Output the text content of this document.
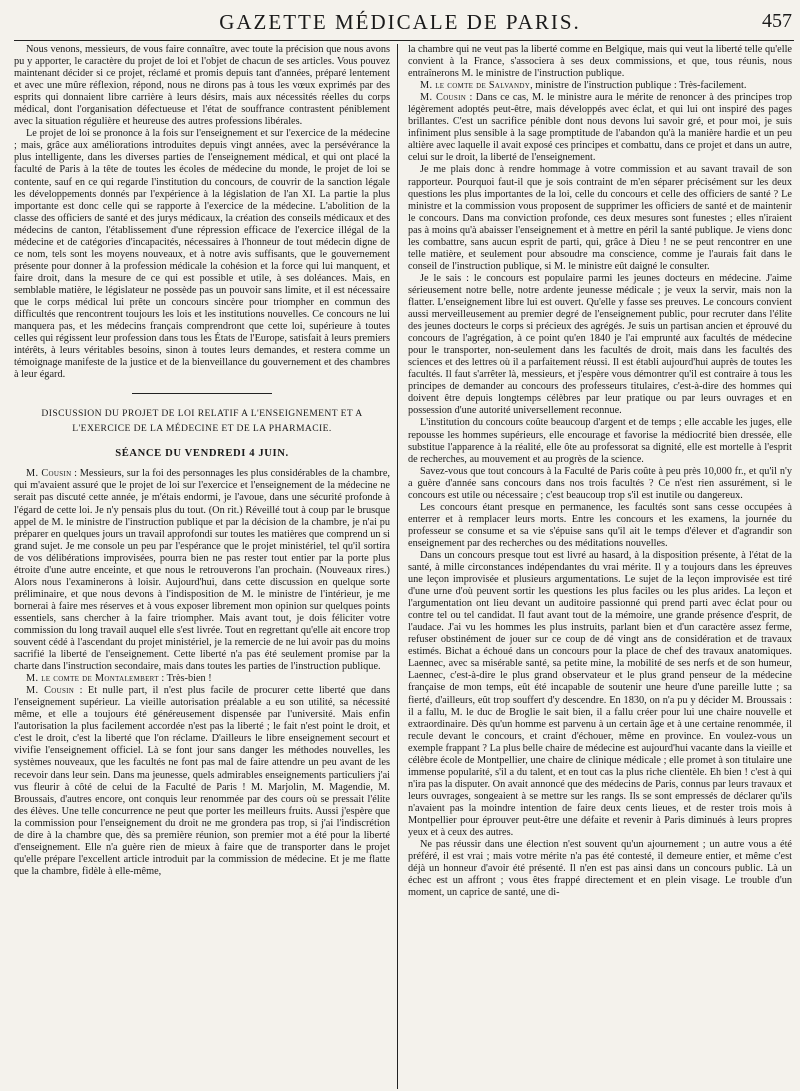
GAZETTE MÉDICALE DE PARIS.	457

Nous venons, messieurs, de vous faire connaître, avec toute la précision que nous avons pu y apporter, le caractère du projet de loi et l'objet de chacun de ses articles. Vous pouvez maintenant décider si ce projet, réclamé et promis depuis tant d'années, préparé lentement et avec une mûre réflexion, répond, nous ne dirons pas à tous les vœux exprimés par des esprits qui donnaient libre carrière à leurs désirs, mais aux nécessités réelles du corps médical, dont l'organisation défectueuse et l'état de souffrance contrastent péniblement avec la situation régulière et heureuse des autres professions libérales.

Le projet de loi se prononce à la fois sur l'enseignement et sur l'exercice de la médecine ; mais, grâce aux améliorations introduites depuis vingt années, avec la persévérance la plus intelligente, dans les diverses parties de l'enseignement médical, et qui ont placé la faculté de Paris à la tête de toutes les écoles de médecine du monde, le projet de loi se contente, sauf en ce qui regarde l'institution du concours, de couvrir de la sanction légale les développements donnés par l'expérience à la législation de l'an XI. La partie la plus importante est donc celle qui se rapporte à l'exercice de la médecine. L'abolition de la classe des officiers de santé et des jurys médicaux, la création des conseils médicaux et des médecins de canton, l'établissement d'une répression efficace de l'exercice illégal de la médecine et de catégories d'incapacités, nécessaires à l'honneur de tout médecin digne de ce nom, tels sont les moyens nouveaux, et à notre avis suffisants, que le gouvernement présente pour donner à la profession médicale la cohésion et la force qui lui manquent, et faire droit, dans la mesure de ce qui est possible et utile, à ses doléances. Mais, en semblable matière, le législateur ne possède pas un pouvoir sans limite, et il est nécessaire que le corps médical lui prête un concours sincère pour triompher en commun des difficultés que rencontrent toujours les lois et les institutions nouvelles. Ce concours ne lui manquera pas, et les médecins français comprendront que cette loi, supérieure à toutes celles qui régissent leur profession dans tous les États de l'Europe, satisfait à leurs premiers intérêts, à leurs véritables besoins, sinon à toutes leurs demandes, et restera comme un témoignage manifeste de la justice et de la bienveillance du gouvernement et des chambres à leur égard.

DISCUSSION DU PROJET DE LOI RELATIF A L'ENSEIGNEMENT ET A L'EXERCICE DE LA MÉDECINE ET DE LA PHARMACIE.
SÉANCE DU VENDREDI 4 JUIN.

M. Cousin : Messieurs, sur la foi des personnages les plus considérables de la chambre, qui m'avaient assuré que le projet de loi sur l'exercice et l'enseignement de la médecine ne serait pas discuté cette année, je m'étais endormi, je l'avoue, dans une sécurité profonde à l'égard de cette loi. Je n'y pensais plus du tout. (On rit.) Réveillé tout à coup par le brusque appel de M. le ministre de l'instruction publique et par la décision de la chambre, je n'ai pu préparer en quelques jours un travail approfondi sur toutes les matières que comprend un si grand sujet. Je me console un peu par l'espérance que le projet ministériel, tel qu'il sortira de vos délibérations improvisées, pourra bien ne pas rester tout entier par la porte plus étroite d'une autre enceinte, et que nous le retrouverons l'an prochain. (Nouveaux rires.) Alors nous l'examinerons à loisir. Aujourd'hui, dans cette discussion en quelque sorte préliminaire, et que nous devons à l'indisposition de M. le ministre de l'intérieur, je me bornerai à faire mes réserves et à vous exposer librement mon opinion sur quelques points essentiels, sans chercher à la faire triompher. Mais avant tout, je dois féliciter votre commission du long travail auquel elle s'est livrée. Tout en regrettant qu'elle ait encore trop souvent cédé à l'ascendant du projet ministériel, je la remercie de ne lui avoir pas du moins sacrifié la liberté de l'enseignement. Cette liberté n'a pas été seulement promise par la charte dans l'instruction secondaire, mais dans toutes les parties de l'instruction publique.

M. le comte de Montalembert : Très-bien !

M. Cousin : Et nulle part, il n'est plus facile de procurer cette liberté que dans l'enseignement supérieur. La vieille autorisation préalable a eu son utilité, sa nécessité même, et elle a toujours été généreusement dispensée par l'université. Mais enfin l'autorisation la plus facilement accordée n'est pas la liberté ; le fait n'est point le droit, et c'est le droit, c'est la liberté que l'on réclame. D'ailleurs le libre enseignement secourt et vivifie l'enseignement officiel. Là se font jour sans danger les méthodes nouvelles, les systèmes nouveaux, que les facultés ne font pas mal de faire attendre un peu avant de les recevoir dans leur sein. Dans ma jeunesse, quels admirables enseignements particuliers j'ai vus fleurir à côté de celui de la Faculté de Paris ! M. Marjolin, M. Magendie, M. Broussais, d'autres encore, ont conquis leur renommée par des cours où se pressait l'élite des élèves. Une telle concurrence ne peut que porter les meilleurs fruits. Aussi j'espère que la commission pour l'enseignement du droit ne me grondera pas trop, si j'ai l'indiscrétion de dire à la chambre que, dès sa première réunion, son premier mot a été pour la liberté d'enseignement. Elle n'a guère rien de mieux à faire que de transporter dans le projet qu'elle prépare l'excellent article introduit par la commission de médecine. Et je me flatte que la chambre, fidèle à elle-même,

la chambre qui ne veut pas la liberté comme en Belgique, mais qui veut la liberté telle qu'elle convient à la France, s'associera à ses deux commissions, et que, tous réunis, nous entraînerons M. le ministre de l'instruction publique.

M. le comte de Salvandy, ministre de l'instruction publique : Très-facilement.

M. Cousin : Dans ce cas, M. le ministre aura le mérite de renoncer à des principes trop légèrement adoptés peut-être, mais développés avec éclat, et qui lui ont inspiré des pages brillantes. C'est un sacrifice pénible dont nous devons lui savoir gré, et pour moi, je suis infiniment plus sensible à la sage promptitude de l'abandon qu'à la manière hardie et un peu altière avec laquelle il avait exposé ces principes et combattu, dans ce projet et dans un autre, celui sur le droit, la liberté de l'enseignement.

Je me plais donc à rendre hommage à votre commission et au savant travail de son rapporteur. Pourquoi faut-il que je sois contraint de m'en séparer précisément sur les deux questions les plus importantes de la loi, celle du concours et celle des officiers de santé ? Le ministre et la commission vous proposent de supprimer les officiers de santé et de maintenir le concours. Dans ma conviction profonde, ces deux mesures sont funestes ; elles n'iraient pas à moins qu'à abaisser l'enseignement et à mettre en péril la santé publique. Je viens donc les combattre, sans aucun esprit de parti, qui, grâce à Dieu ! ne se peut rencontrer en une telle matière, et seulement pour absoudre ma conscience, comme je l'aurais fait dans le conseil de l'instruction publique, si M. le ministre eût daigné le consulter.

Je le sais : le concours est populaire parmi les jeunes docteurs en médecine. J'aime sérieusement notre belle, notre ardente jeunesse médicale ; je veux la servir, mais non la flatter. L'enseignement libre lui est ouvert. Qu'elle y fasse ses preuves. Le concours convient aussi merveilleusement au premier degré de l'enseignement public, pour recruter dans l'élite des jeunes docteurs le corps si précieux des agrégés. Je suis un partisan ancien et éprouvé du concours de l'agrégation, à ce point qu'en 1840 je l'ai emprunté aux facultés de médecine pour le transporter, non-seulement dans les facultés de droit, mais dans les facultés des sciences et des lettres où il a parfaitement réussi. Il est établi aujourd'hui auprès de toutes les facultés. Il faut s'arrêter là, messieurs, et j'espère vous démontrer qu'il est contraire à tous les principes de demander au concours des professeurs titulaires, c'est-à-dire des hommes qui doivent être depuis longtemps célèbres par leur pratique ou par leurs ouvrages et en possession d'une autorité universellement reconnue.

L'institution du concours coûte beaucoup d'argent et de temps ; elle accable les juges, elle repousse les hommes supérieurs, elle encourage et favorise la médiocrité bien dressée, elle substitue l'apparence à la réalité, elle ôte au professorat sa dignité, elle est mortelle à l'esprit de recherches, au mouvement et au progrès de la science.

Savez-vous que tout concours à la Faculté de Paris coûte à peu près 10,000 fr., et qu'il n'y a guère d'année sans concours dans nos trois facultés ? Ce n'est rien assurément, si le concours est utile ou nécessaire ; c'est beaucoup trop s'il est inutile ou dangereux.

Les concours étant presque en permanence, les facultés sont sans cesse occupées à enterrer et à remplacer leurs morts. Entre les concours et les examens, la journée du professeur se consume et sa vie s'épuise sans qu'il ait le temps d'élever et d'agrandir son enseignement par des recherches ou des méditations nouvelles.

Dans un concours presque tout est livré au hasard, à la disposition présente, à l'état de la santé, à mille circonstances indépendantes du vrai mérite. Il y a toujours dans les épreuves une leçon improvisée et plusieurs argumentations. Le sujet de la leçon improvisée est tiré d'une urne d'où peuvent sortir les questions les plus faciles ou les plus arides. La leçon et l'argumentation ont lieu devant un auditoire passionné qui prend parti avec éclat pour ou contre tel ou tel candidat. Il faut avant tout de la mémoire, une grande présence d'esprit, de l'audace. J'ai vu les hommes les plus instruits, parlant bien et d'un caractère assez ferme, refuser obstinément de jouer sur ce coup de dé vingt ans de considération et de travaux estimés. Bichat a échoué dans un concours pour la place de chef des travaux anatomiques. Laennec, avec sa misérable santé, sa petite mine, la mobilité de ses nerfs et de son humeur, Laennec, c'est-à-dire le plus grand observateur et le plus grand penseur de la médecine française de mon temps, eût été incapable de soutenir une heure d'une pareille lutte ; sa fierté, d'ailleurs, eût trop souffert d'y descendre. En 1830, on n'a pu y décider M. Broussais : il a fallu, M. le duc de Broglie le sait bien, il a fallu créer pour lui une chaire nouvelle et extraordinaire. Dès qu'un homme est parvenu à un certain âge et à une certaine renommée, il recule devant le concours, et craint d'échouer, même en province. En voulez-vous un exemple frappant ? La plus belle chaire de médecine est aujourd'hui vacante dans la vieille et célèbre école de Montpellier, une chaire de clinique médicale ; elle promet à son titulaire une immense popularité, s'il a du talent, et en tout cas la plus riche clientèle. Eh bien ! c'est à qui n'ira pas la disputer. On avait annoncé que des médecins de Paris, connus par leurs travaux et leurs ouvrages, songeaient à se mettre sur les rangs. Ils se sont empressés de déclarer qu'ils n'avaient pas la moindre intention de faire deux cents lieues, et de rester trois mois à Montpellier pour éprouver peut-être une défaite et revenir à Paris diminués à leurs propres yeux et à ceux des autres.

Ne pas réussir dans une élection n'est souvent qu'un ajournement ; un autre vous a été préféré, il est vrai ; mais votre mérite n'a pas été contesté, il demeure entier, et même c'est déjà un honneur d'avoir été présenté. Il n'en est pas ainsi dans un concours public. Là un échec est un affront ; vous êtes frappé directement et en plein visage. Le trouble d'un moment, un caprice de santé, une di-
